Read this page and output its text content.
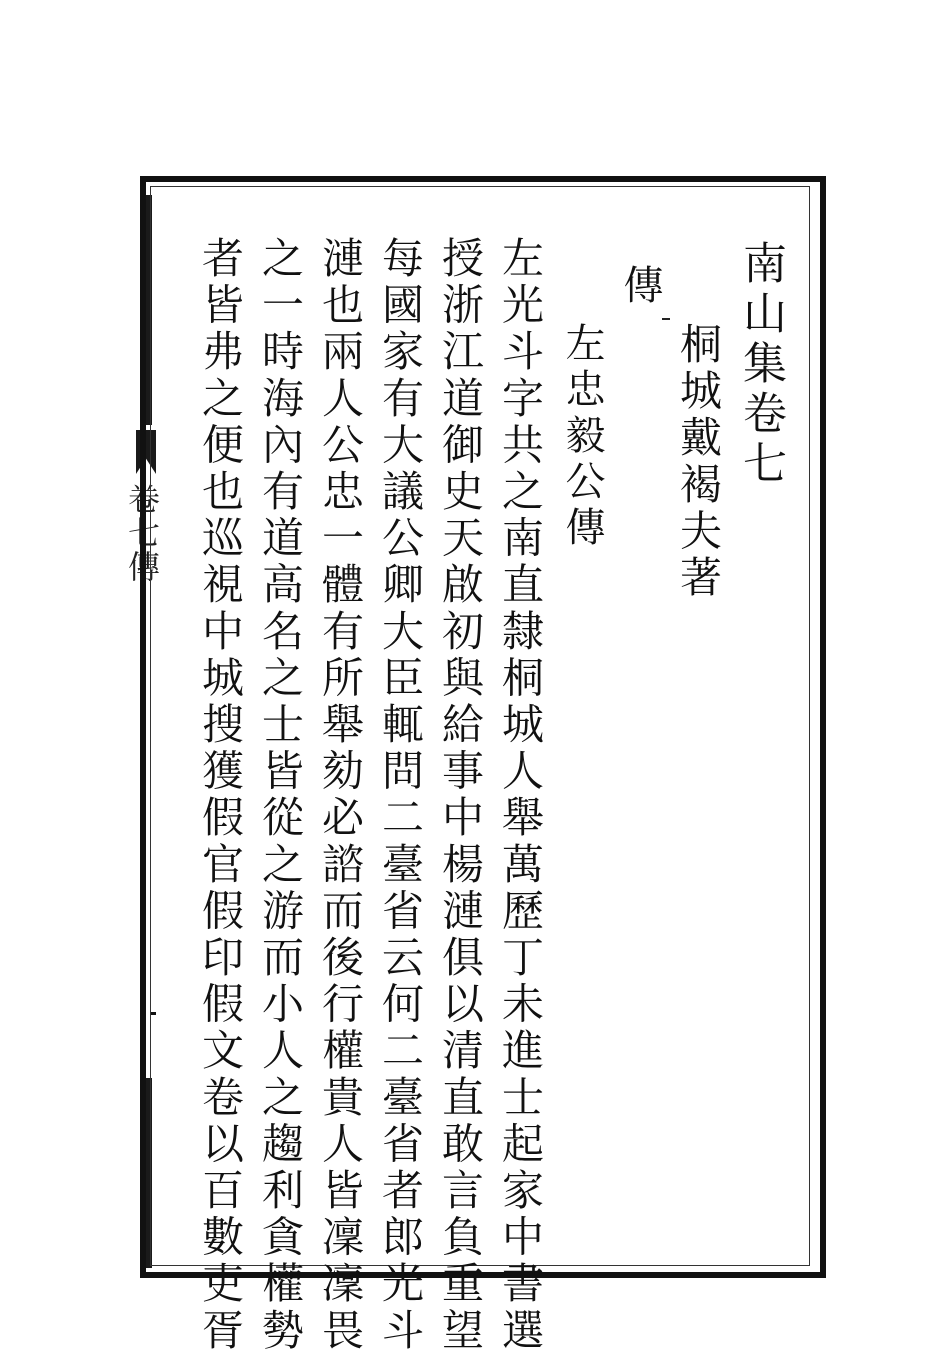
卷七傳
南山集卷七
桐城戴褐夫著
傳
左忠毅公傳
左光斗字共之南直隸桐城人舉萬歷丁未進士起家中書選
授浙江道御史天啟初與給事中楊漣俱以清直敢言負重望
每國家有大議公卿大臣輒問二臺省云何二臺省者郎光斗
漣也兩人公忠一體有所舉劾必諮而後行權貴人皆凜凜畏
之一時海內有道高名之士皆從之游而小人之趨利貪權勢
者皆弗之便也巡視中城搜獲假官假印假文卷以百數吏胥
